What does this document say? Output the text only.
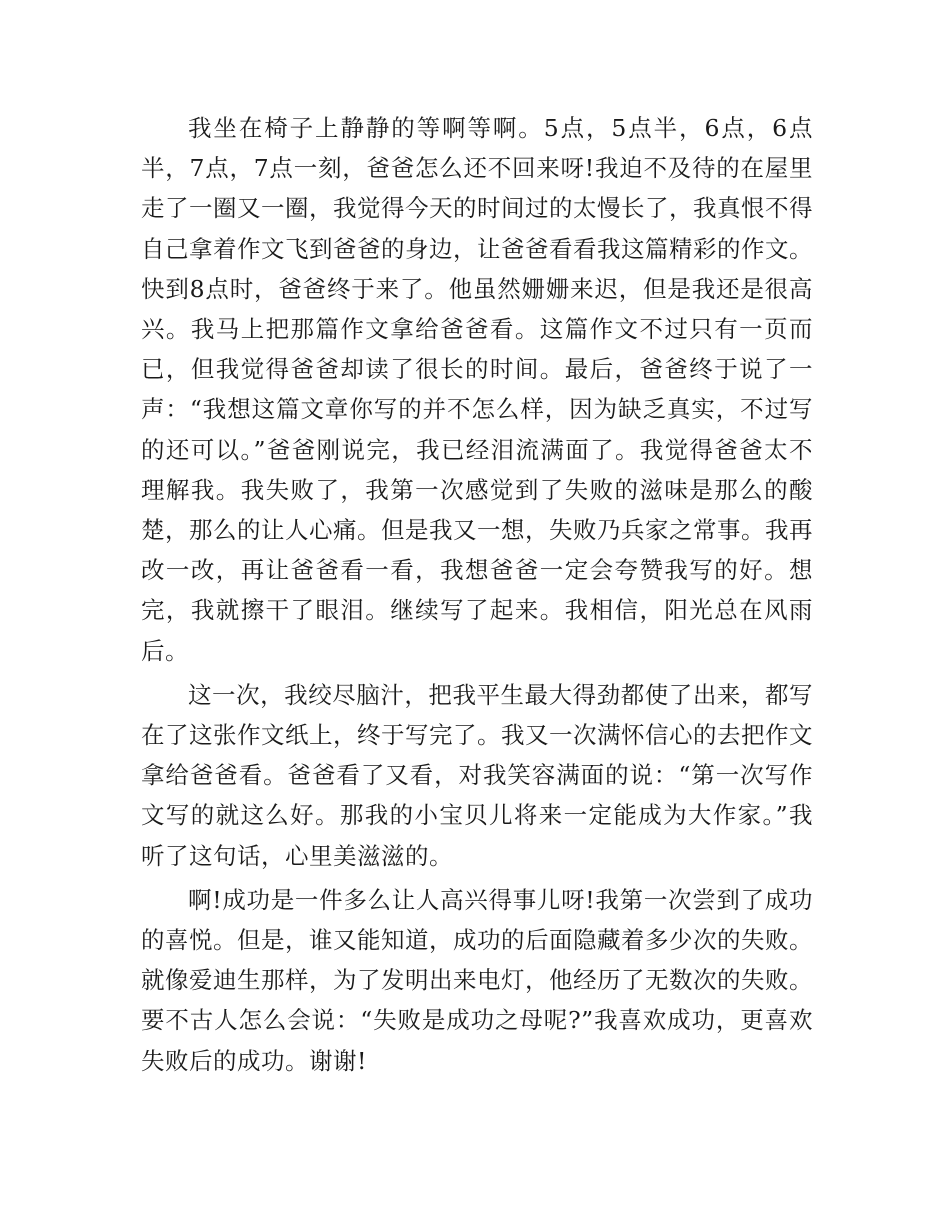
我坐在椅子上静静的等啊等啊。5点，5点半，6点，6点半，7点，7点一刻，爸爸怎么还不回来呀!我迫不及待的在屋里走了一圈又一圈，我觉得今天的时间过的太慢长了，我真恨不得自己拿着作文飞到爸爸的身边，让爸爸看看我这篇精彩的作文。快到8点时，爸爸终于来了。他虽然姗姗来迟，但是我还是很高兴。我马上把那篇作文拿给爸爸看。这篇作文不过只有一页而已，但我觉得爸爸却读了很长的时间。最后，爸爸终于说了一声：“我想这篇文章你写的并不怎么样，因为缺乏真实，不过写的还可以。”爸爸刚说完，我已经泪流满面了。我觉得爸爸太不理解我。我失败了，我第一次感觉到了失败的滋味是那么的酸楚，那么的让人心痛。但是我又一想，失败乃兵家之常事。我再改一改，再让爸爸看一看，我想爸爸一定会夸赞我写的好。想完，我就擦干了眼泪。继续写了起来。我相信，阳光总在风雨后。

这一次，我绞尽脑汁，把我平生最大得劲都使了出来，都写在了这张作文纸上，终于写完了。我又一次满怀信心的去把作文拿给爸爸看。爸爸看了又看，对我笑容满面的说：“第一次写作文写的就这么好。那我的小宝贝儿将来一定能成为大作家。”我听了这句话，心里美滋滋的。

啊!成功是一件多么让人高兴得事儿呀!我第一次尝到了成功的喜悦。但是，谁又能知道，成功的后面隐藏着多少次的失败。就像爱迪生那样，为了发明出来电灯，他经历了无数次的失败。要不古人怎么会说：“失败是成功之母呢?”我喜欢成功，更喜欢失败后的成功。谢谢!
